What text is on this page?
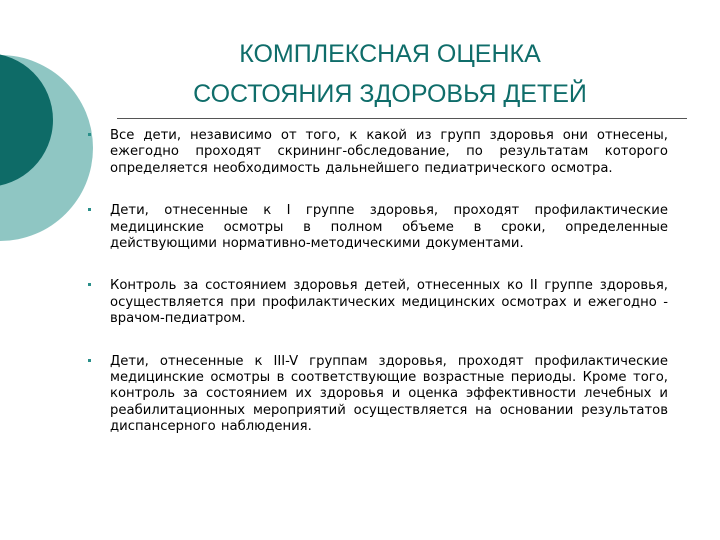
КОМПЛЕКСНАЯ ОЦЕНКА
СОСТОЯНИЯ ЗДОРОВЬЯ ДЕТЕЙ
Все дети, независимо от того, к какой из групп здоровья они отнесены, ежегодно проходят скрининг-обследование, по результатам которого определяется необходимость дальнейшего педиатрического осмотра.
Дети, отнесенные к I группе здоровья, проходят профилактические медицинские осмотры в полном объеме в сроки, определенные действующими нормативно-методическими документами.
Контроль за состоянием здоровья детей, отнесенных ко II группе здоровья, осуществляется при профилактических медицинских осмотрах и ежегодно - врачом-педиатром.
Дети, отнесенные к III-V группам здоровья, проходят профилактические медицинские осмотры в соответствующие возрастные периоды. Кроме того, контроль за состоянием их здоровья и оценка эффективности лечебных и реабилитационных мероприятий осуществляется на основании результатов диспансерного наблюдения.
